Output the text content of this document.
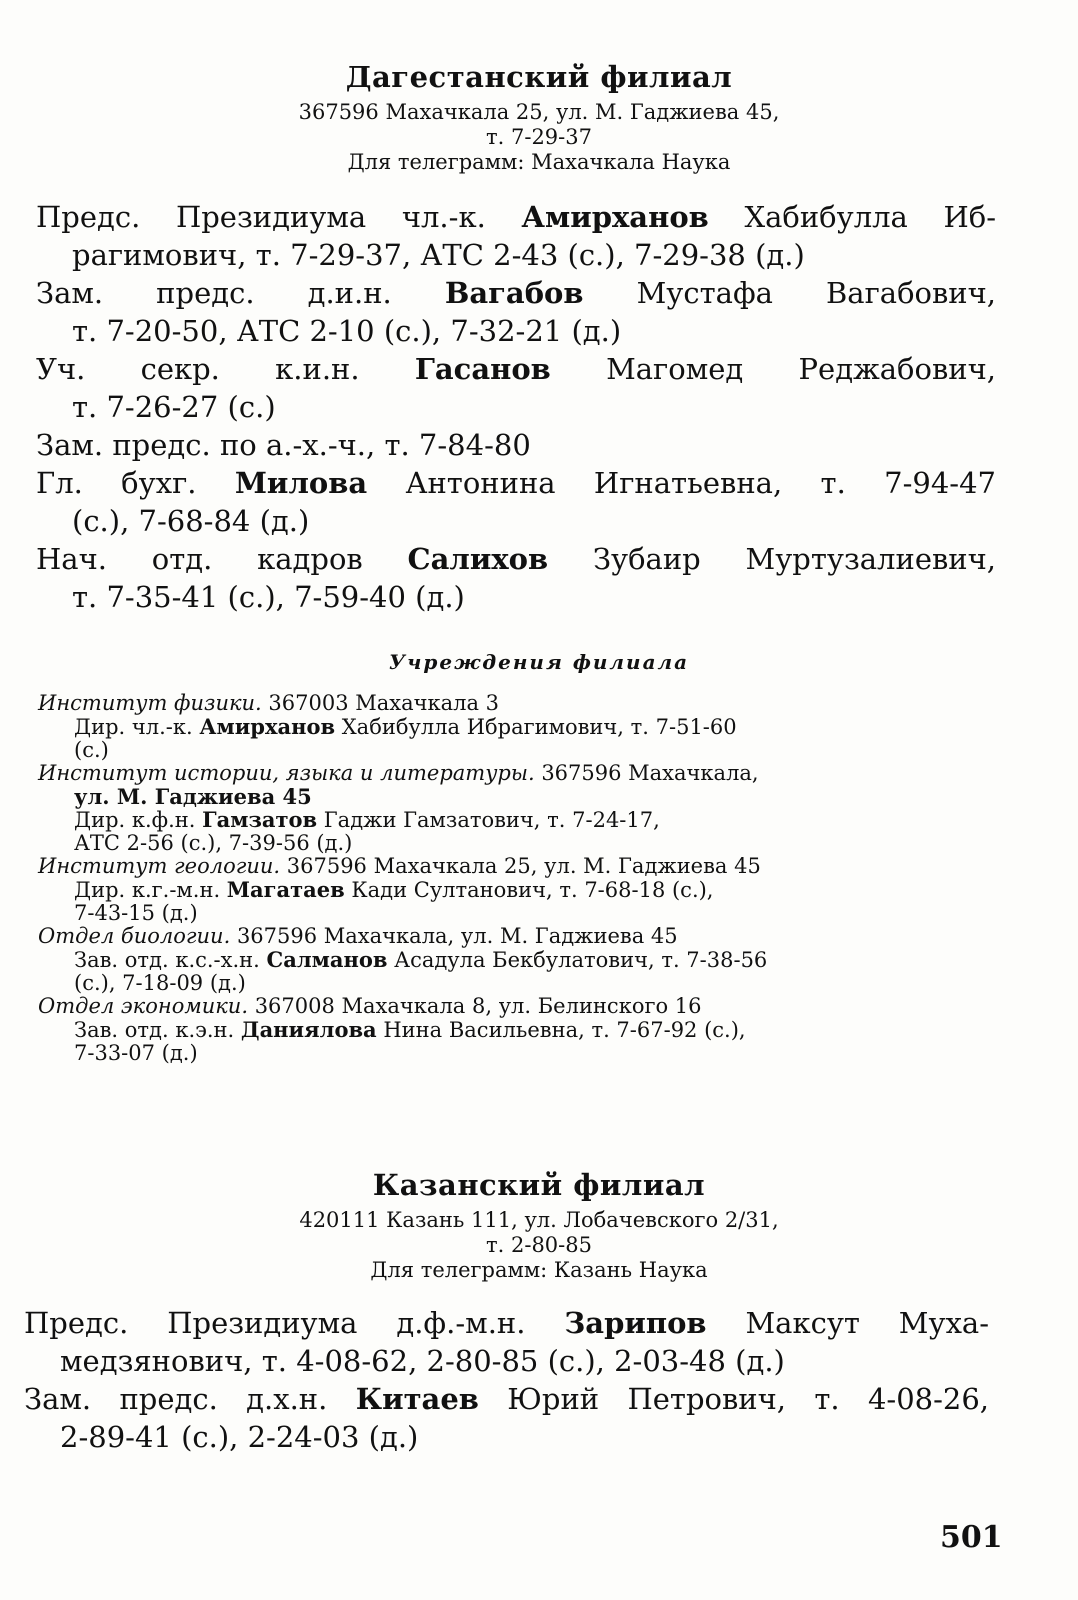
Дагестанский филиал
367596 Махачкала 25, ул. М. Гаджиева 45,
т. 7-29-37
Для телеграмм: Махачкала Наука
Предс. Президиума чл.-к. Амирханов Хабибулла Иб-
рагимович, т. 7-29-37, АТС 2-43 (с.), 7-29-38 (д.)
Зам. предс. д.и.н. Вагабов Мустафа Вагабович,
т. 7-20-50, АТС 2-10 (с.), 7-32-21 (д.)
Уч. секр. к.и.н. Гасанов Магомед Реджабович,
т. 7-26-27 (с.)
Зам. предс. по а.-х.-ч., т. 7-84-80
Гл. бухг. Милова Антонина Игнатьевна, т. 7-94-47
(с.), 7-68-84 (д.)
Нач. отд. кадров Салихов Зубаир Муртузалиевич,
т. 7-35-41 (с.), 7-59-40 (д.)
Учреждения филиала
Институт физики. 367003 Махачкала 3
Дир. чл.-к. Амирханов Хабибулла Ибрагимович, т. 7-51-60
(с.)
Институт истории, языка и литературы. 367596 Махачкала,
ул. М. Гаджиева 45
Дир. к.ф.н. Гамзатов Гаджи Гамзатович, т. 7-24-17,
АТС 2-56 (с.), 7-39-56 (д.)
Институт геологии. 367596 Махачкала 25, ул. М. Гаджиева 45
Дир. к.г.-м.н. Магатаев Кади Султанович, т. 7-68-18 (с.),
7-43-15 (д.)
Отдел биологии. 367596 Махачкала, ул. М. Гаджиева 45
Зав. отд. к.с.-х.н. Салманов Асадула Бекбулатович, т. 7-38-56
(с.), 7-18-09 (д.)
Отдел экономики. 367008 Махачкала 8, ул. Белинского 16
Зав. отд. к.э.н. Даниялова Нина Васильевна, т. 7-67-92 (с.),
7-33-07 (д.)
Казанский филиал
420111 Казань 111, ул. Лобачевского 2/31,
т. 2-80-85
Для телеграмм: Казань Наука
Предс. Президиума д.ф.-м.н. Зарипов Максут Муха-
медзянович, т. 4-08-62, 2-80-85 (с.), 2-03-48 (д.)
Зам. предс. д.х.н. Китаев Юрий Петрович, т. 4-08-26,
2-89-41 (с.), 2-24-03 (д.)
501
